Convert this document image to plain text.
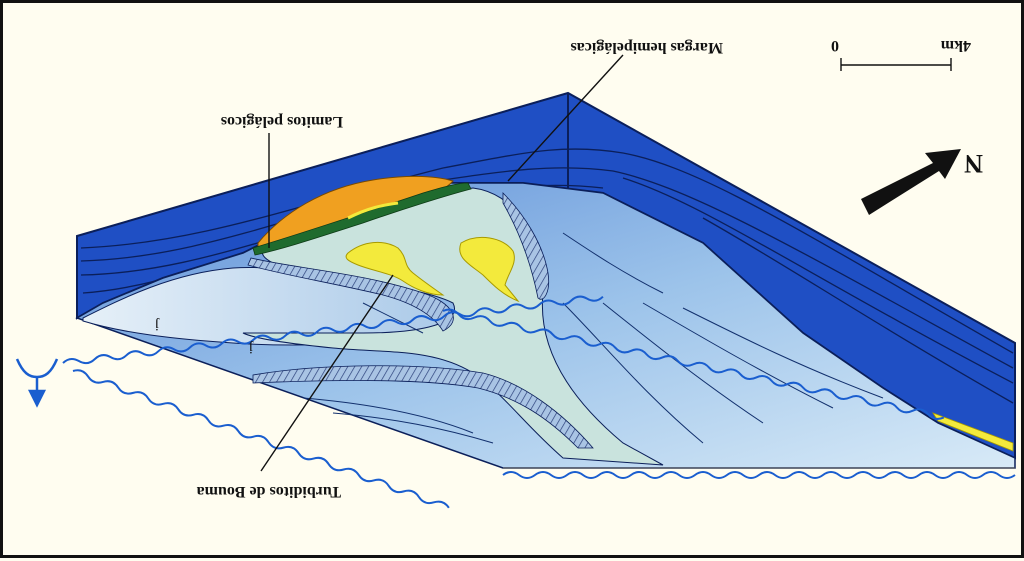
Margas hemipelágicas
Lamitos pelágicos
Turbiditos de Bouma
j
j
0	4km
N
